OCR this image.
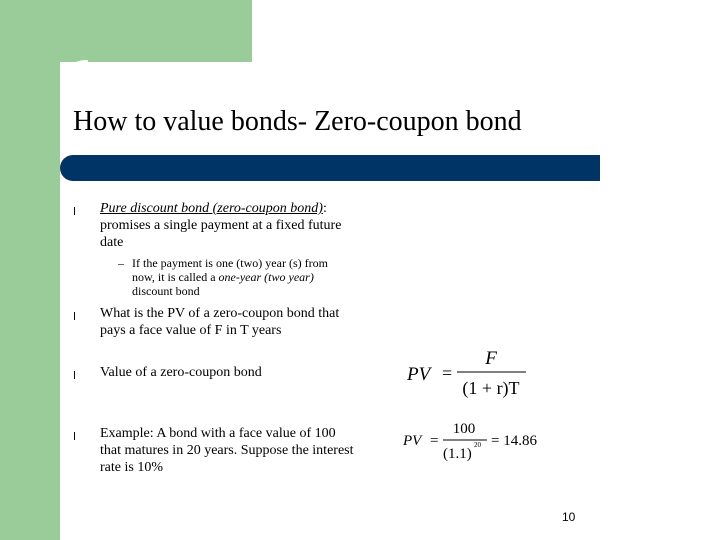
How to value bonds- Zero-coupon bond
l Pure discount bond (zero-coupon bond): promises a single payment at a fixed future date
– If the payment is one (two) year (s) from now, it is called a one-year (two year) discount bond
l What is the PV of a zero-coupon bond that pays a face value of F in T years
l Value of a zero-coupon bond
l Example: A bond with a face value of 100 that matures in 20 years. Suppose the interest rate is 10%
PV =
F
(1 + r)T
PV =
100
(1.1)
20 = 14.86
10
